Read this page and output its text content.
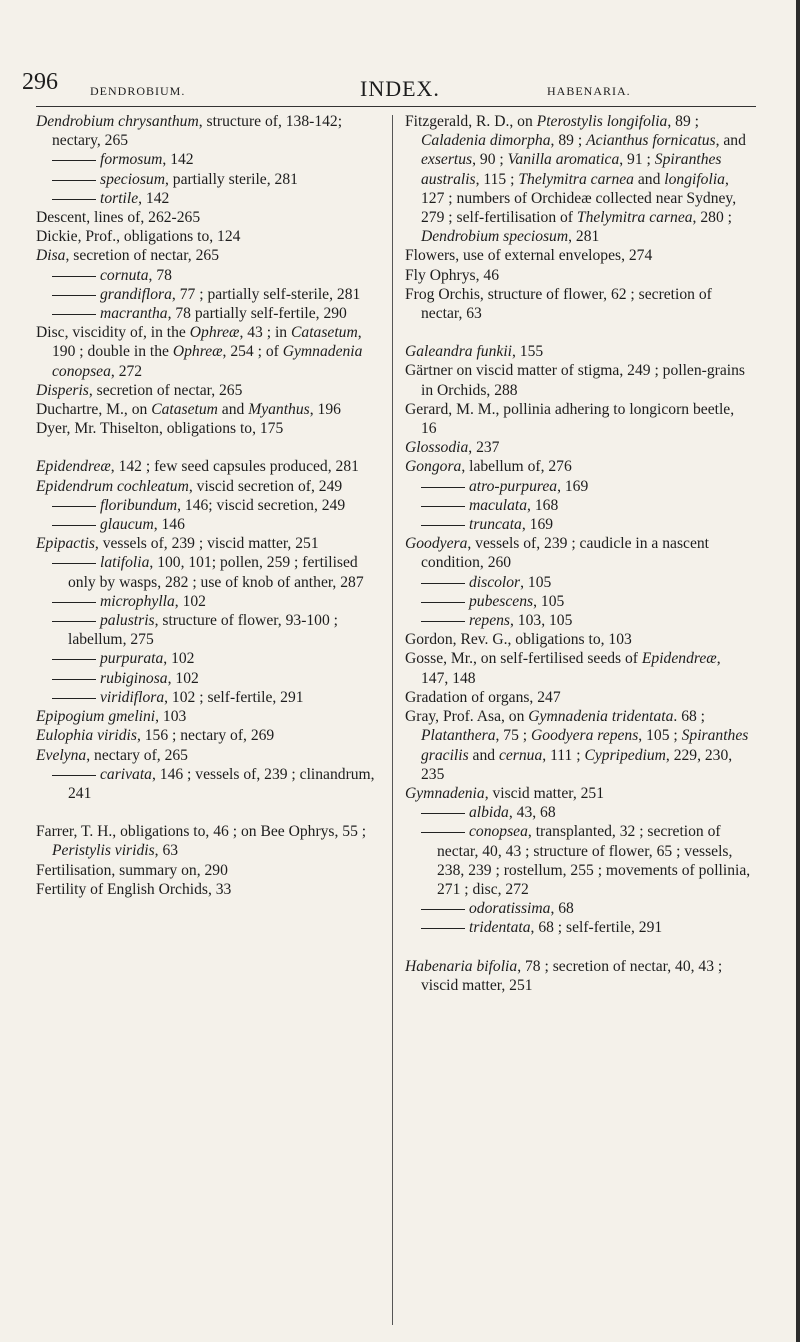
296	DENDROBIUM.	INDEX.	HABENARIA.

Dendrobium chrysanthum, structure of, 138-142; nectary, 265

formosum, 142

speciosum, partially sterile, 281

tortile, 142

Descent, lines of, 262-265

Dickie, Prof., obligations to, 124

Disa, secretion of nectar, 265

cornuta, 78

grandiflora, 77 ; partially self-sterile, 281

macrantha, 78 partially self-fertile, 290

Disc, viscidity of, in the Ophreæ, 43 ; in Catasetum, 190 ; double in the Ophreæ, 254 ; of Gymnadenia conopsea, 272

Disperis, secretion of nectar, 265

Duchartre, M., on Catasetum and Myanthus, 196

Dyer, Mr. Thiselton, obligations to, 175

Epidendreæ, 142 ; few seed capsules produced, 281

Epidendrum cochleatum, viscid secretion of, 249

floribundum, 146; viscid secretion, 249

glaucum, 146

Epipactis, vessels of, 239 ; viscid matter, 251

latifolia, 100, 101; pollen, 259 ; fertilised only by wasps, 282 ; use of knob of anther, 287

microphylla, 102

palustris, structure of flower, 93-100 ; labellum, 275

purpurata, 102

rubiginosa, 102

viridiflora, 102 ; self-fertile, 291

Epipogium gmelini, 103

Eulophia viridis, 156 ; nectary of, 269

Evelyna, nectary of, 265

carivata, 146 ; vessels of, 239 ; clinandrum, 241

Farrer, T. H., obligations to, 46 ; on Bee Ophrys, 55 ; Peristylis viridis, 63

Fertilisation, summary on, 290

Fertility of English Orchids, 33

Fitzgerald, R. D., on Pterostylis longifolia, 89 ; Caladenia dimorpha, 89 ; Acianthus fornicatus, and exsertus, 90 ; Vanilla aromatica, 91 ; Spiranthes australis, 115 ; Thelymitra carnea and longifolia, 127 ; numbers of Orchideæ collected near Sydney, 279 ; self-fertilisation of Thelymitra carnea, 280 ; Dendrobium speciosum, 281

Flowers, use of external envelopes, 274

Fly Ophrys, 46

Frog Orchis, structure of flower, 62 ; secretion of nectar, 63

Galeandra funkii, 155

Gärtner on viscid matter of stigma, 249 ; pollen-grains in Orchids, 288

Gerard, M. M., pollinia adhering to longicorn beetle, 16

Glossodia, 237

Gongora, labellum of, 276

atro-purpurea, 169

maculata, 168

truncata, 169

Goodyera, vessels of, 239 ; caudicle in a nascent condition, 260

discolor, 105

pubescens, 105

repens, 103, 105

Gordon, Rev. G., obligations to, 103

Gosse, Mr., on self-fertilised seeds of Epidendreæ, 147, 148

Gradation of organs, 247

Gray, Prof. Asa, on Gymnadenia tridentata. 68 ; Platanthera, 75 ; Goodyera repens, 105 ; Spiranthes gracilis and cernua, 111 ; Cypripedium, 229, 230, 235

Gymnadenia, viscid matter, 251

albida, 43, 68

conopsea, transplanted, 32 ; secretion of nectar, 40, 43 ; structure of flower, 65 ; vessels, 238, 239 ; rostellum, 255 ; movements of pollinia, 271 ; disc, 272

odoratissima, 68

tridentata, 68 ; self-fertile, 291

Habenaria bifolia, 78 ; secretion of nectar, 40, 43 ; viscid matter, 251
